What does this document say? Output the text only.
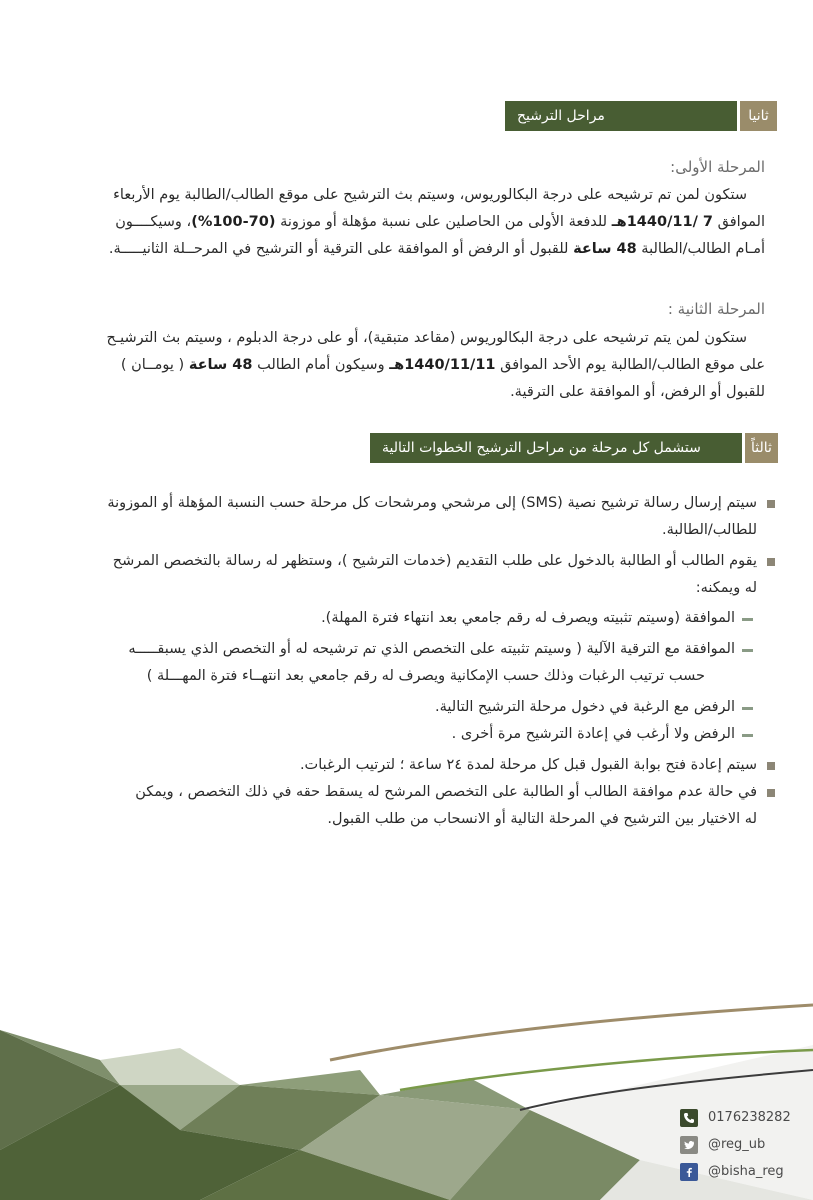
مراحل الترشيح	ثانيا
المرحلة الأولى:
ستكون لمن تم ترشيحه على درجة البكالوريوس، وسيتم بث الترشيح على موقع الطالب/الطالبة يوم الأربعاء
الموافق 7 /1440/11هـ للدفعة الأولى من الحاصلين على نسبة مؤهلة أو موزونة (70-100%)، وسيكــــون
أمـام الطالب/الطالبة 48 ساعة للقبول أو الرفض أو الموافقة على الترقية أو الترشيح في المرحــلة الثانيـــــة.
المرحلة الثانية :
ستكون لمن يتم ترشيحه على درجة البكالوريوس (مقاعد متبقية)، أو على درجة الدبلوم ، وسيتم بث الترشيـح
على موقع الطالب/الطالبة يوم الأحد الموافق 1440/11/11هـ وسيكون أمام الطالب 48 ساعة ( يومــان )
للقبول أو الرفض، أو الموافقة على الترقية.
ستشمل كل مرحلة من مراحل الترشيح الخطوات التالية	ثالثاً
سيتم إرسال رسالة ترشيح نصية (SMS) إلى مرشحي ومرشحات كل مرحلة حسب النسبة المؤهلة أو الموزونة
للطالب/الطالبة.
يقوم الطالب أو الطالبة بالدخول على طلب التقديم (خدمات الترشيح )، وستظهر له رسالة بالتخصص المرشح
له ويمكنه:
الموافقة (وسيتم تثبيته ويصرف له رقم جامعي بعد انتهاء فترة المهلة).
الموافقة مع الترقية الآلية ( وسيتم تثبيته على التخصص الذي تم ترشيحه له أو التخصص الذي يسبقـــــه
حسب ترتيب الرغبات وذلك حسب الإمكانية ويصرف له رقم جامعي بعد انتهــاء فترة المهـــلة )
الرفض مع الرغبة في دخول مرحلة الترشيح التالية.
الرفض ولا أرغب في إعادة الترشيح مرة أخرى .
سيتم إعادة فتح بوابة القبول قبل كل مرحلة لمدة ٢٤ ساعة ؛ لترتيب الرغبات.
في حالة عدم موافقة الطالب أو الطالبة على التخصص المرشح له يسقط حقه في ذلك التخصص ، ويمكن
له الاختيار بين الترشيح في المرحلة التالية أو الانسحاب من طلب القبول.
0176238282
@reg_ub
@bisha_reg
